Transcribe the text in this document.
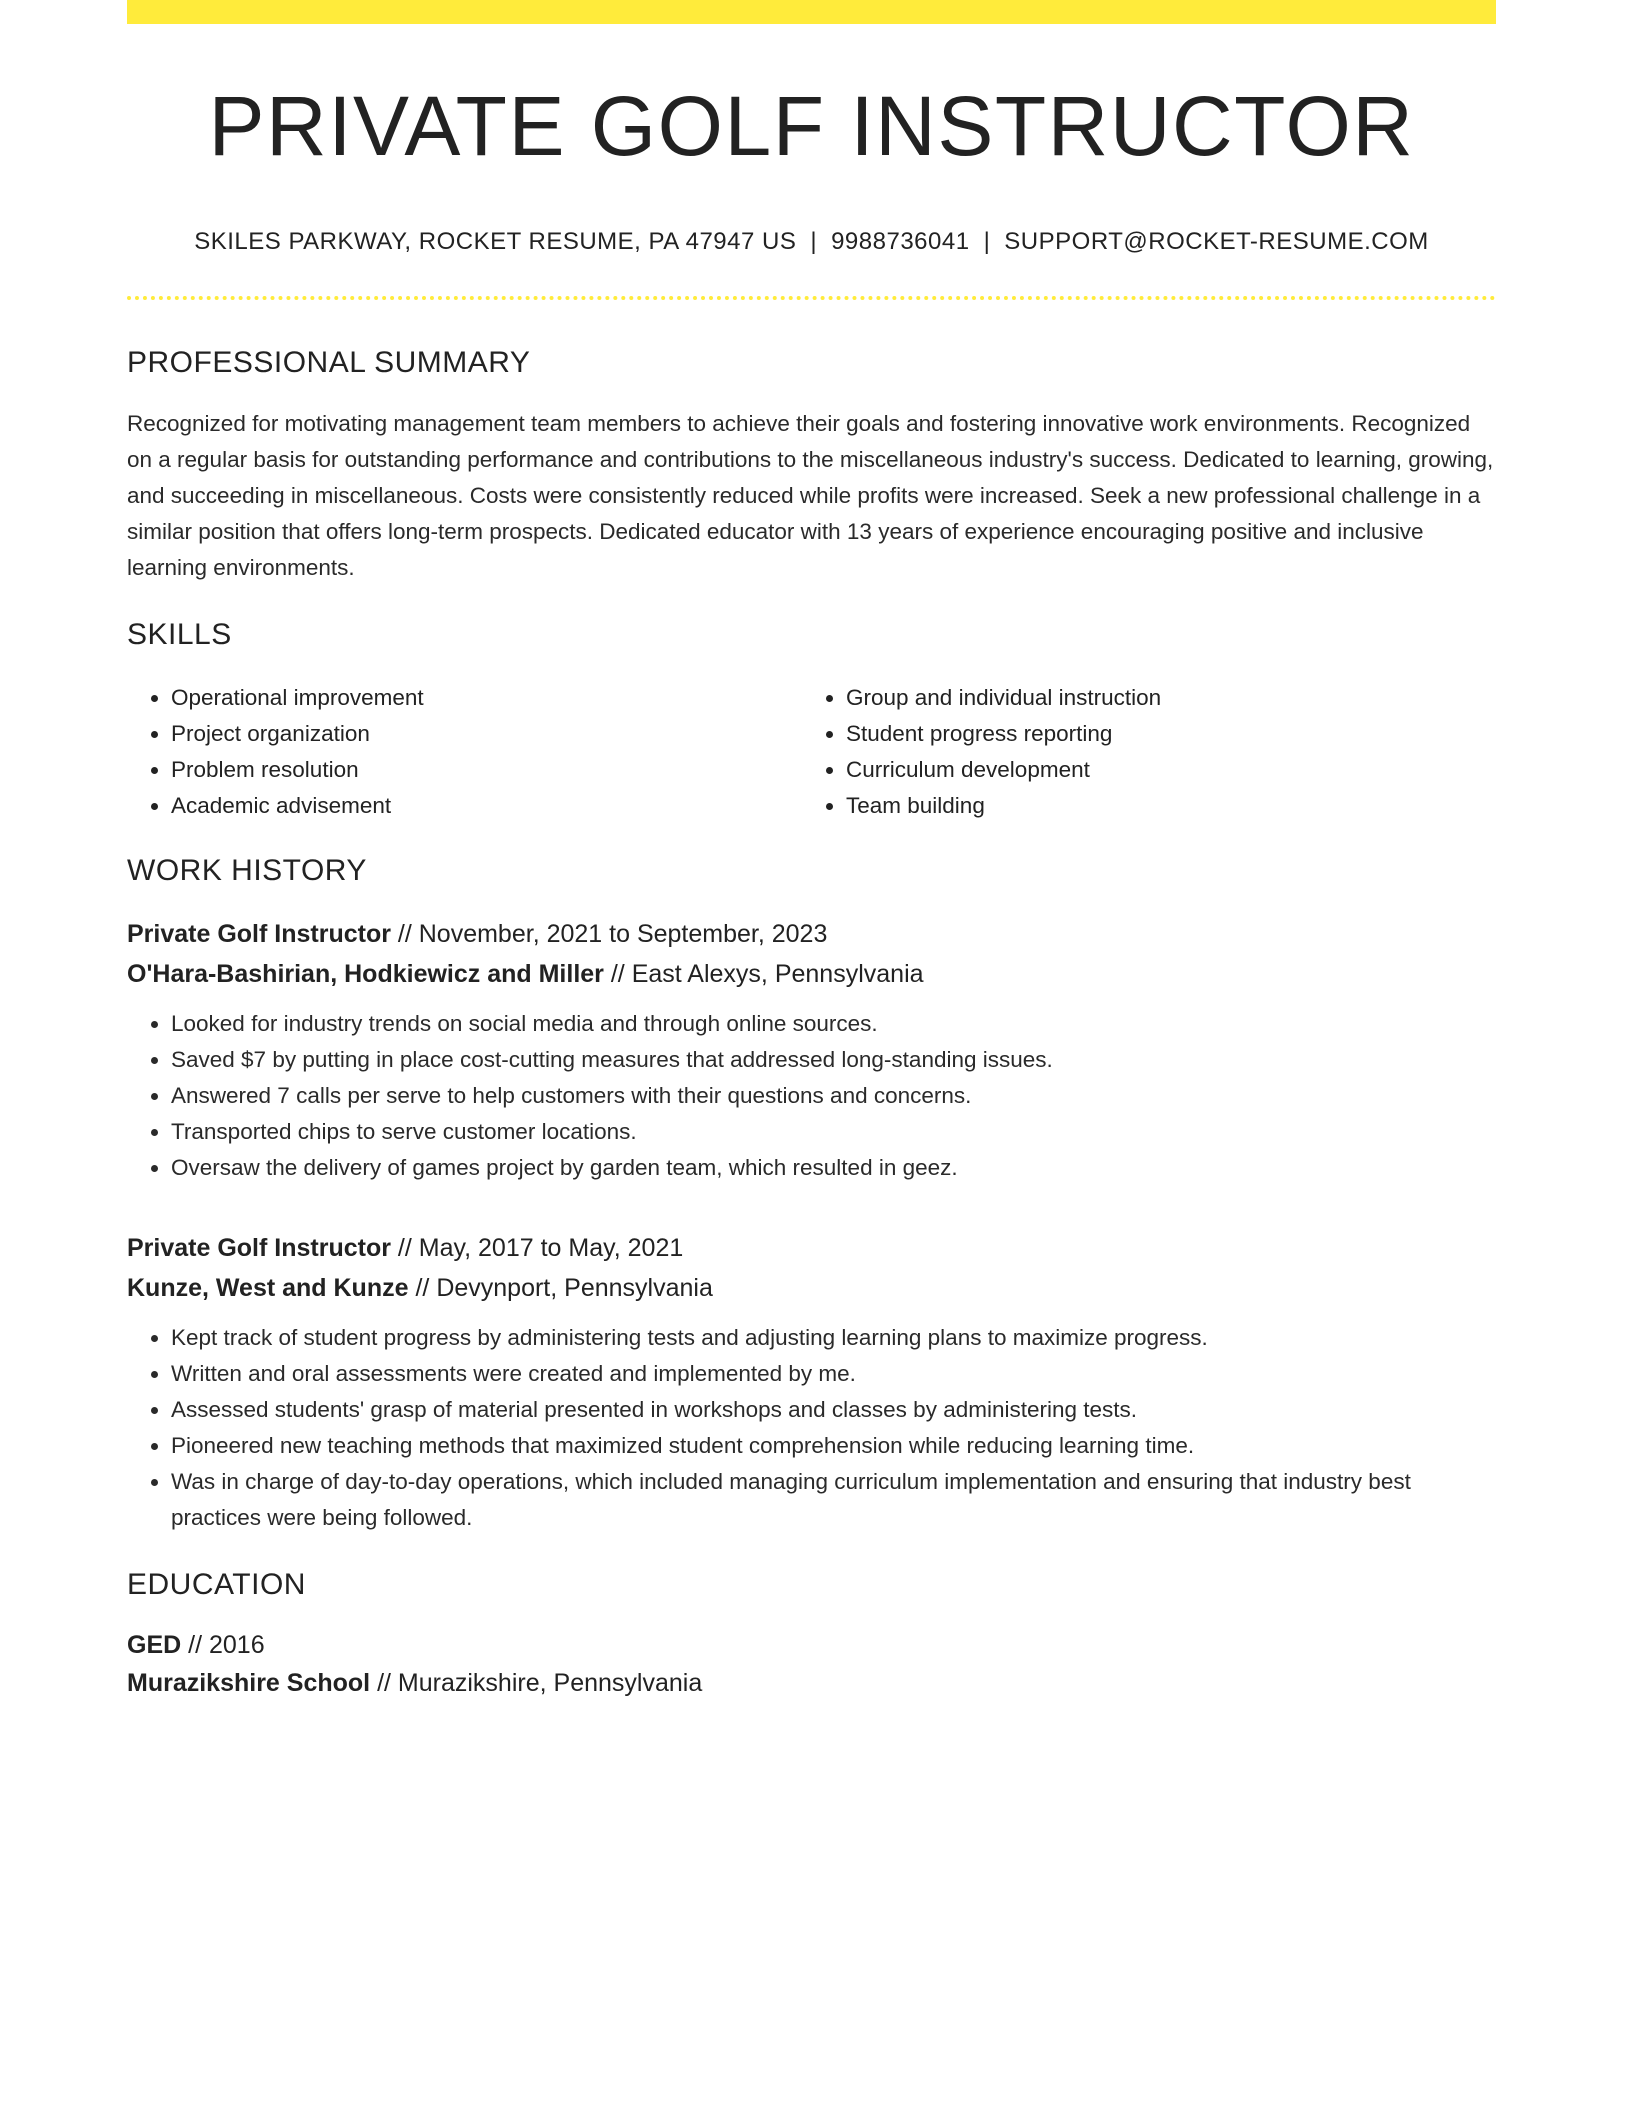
PRIVATE GOLF INSTRUCTOR
SKILES PARKWAY, ROCKET RESUME, PA 47947 US | 9988736041 | SUPPORT@ROCKET-RESUME.COM
PROFESSIONAL SUMMARY

Recognized for motivating management team members to achieve their goals and fostering innovative work environments. Recognized on a regular basis for outstanding performance and contributions to the miscellaneous industry's success. Dedicated to learning, growing, and succeeding in miscellaneous. Costs were consistently reduced while profits were increased. Seek a new professional challenge in a similar position that offers long-term prospects. Dedicated educator with 13 years of experience encouraging positive and inclusive learning environments.

SKILLS
• Operational improvement
• Project organization
• Problem resolution
• Academic advisement
• Group and individual instruction
• Student progress reporting
• Curriculum development
• Team building
WORK HISTORY
Private Golf Instructor // November, 2021 to September, 2023
O'Hara-Bashirian, Hodkiewicz and Miller // East Alexys, Pennsylvania
• Looked for industry trends on social media and through online sources.
• Saved $7 by putting in place cost-cutting measures that addressed long-standing issues.
• Answered 7 calls per serve to help customers with their questions and concerns.
• Transported chips to serve customer locations.
• Oversaw the delivery of games project by garden team, which resulted in geez.
Private Golf Instructor // May, 2017 to May, 2021
Kunze, West and Kunze // Devynport, Pennsylvania
• Kept track of student progress by administering tests and adjusting learning plans to maximize progress.
• Written and oral assessments were created and implemented by me.
• Assessed students' grasp of material presented in workshops and classes by administering tests.
• Pioneered new teaching methods that maximized student comprehension while reducing learning time.
• Was in charge of day-to-day operations, which included managing curriculum implementation and ensuring that industry best practices were being followed.
EDUCATION
GED // 2016
Murazikshire School // Murazikshire, Pennsylvania
